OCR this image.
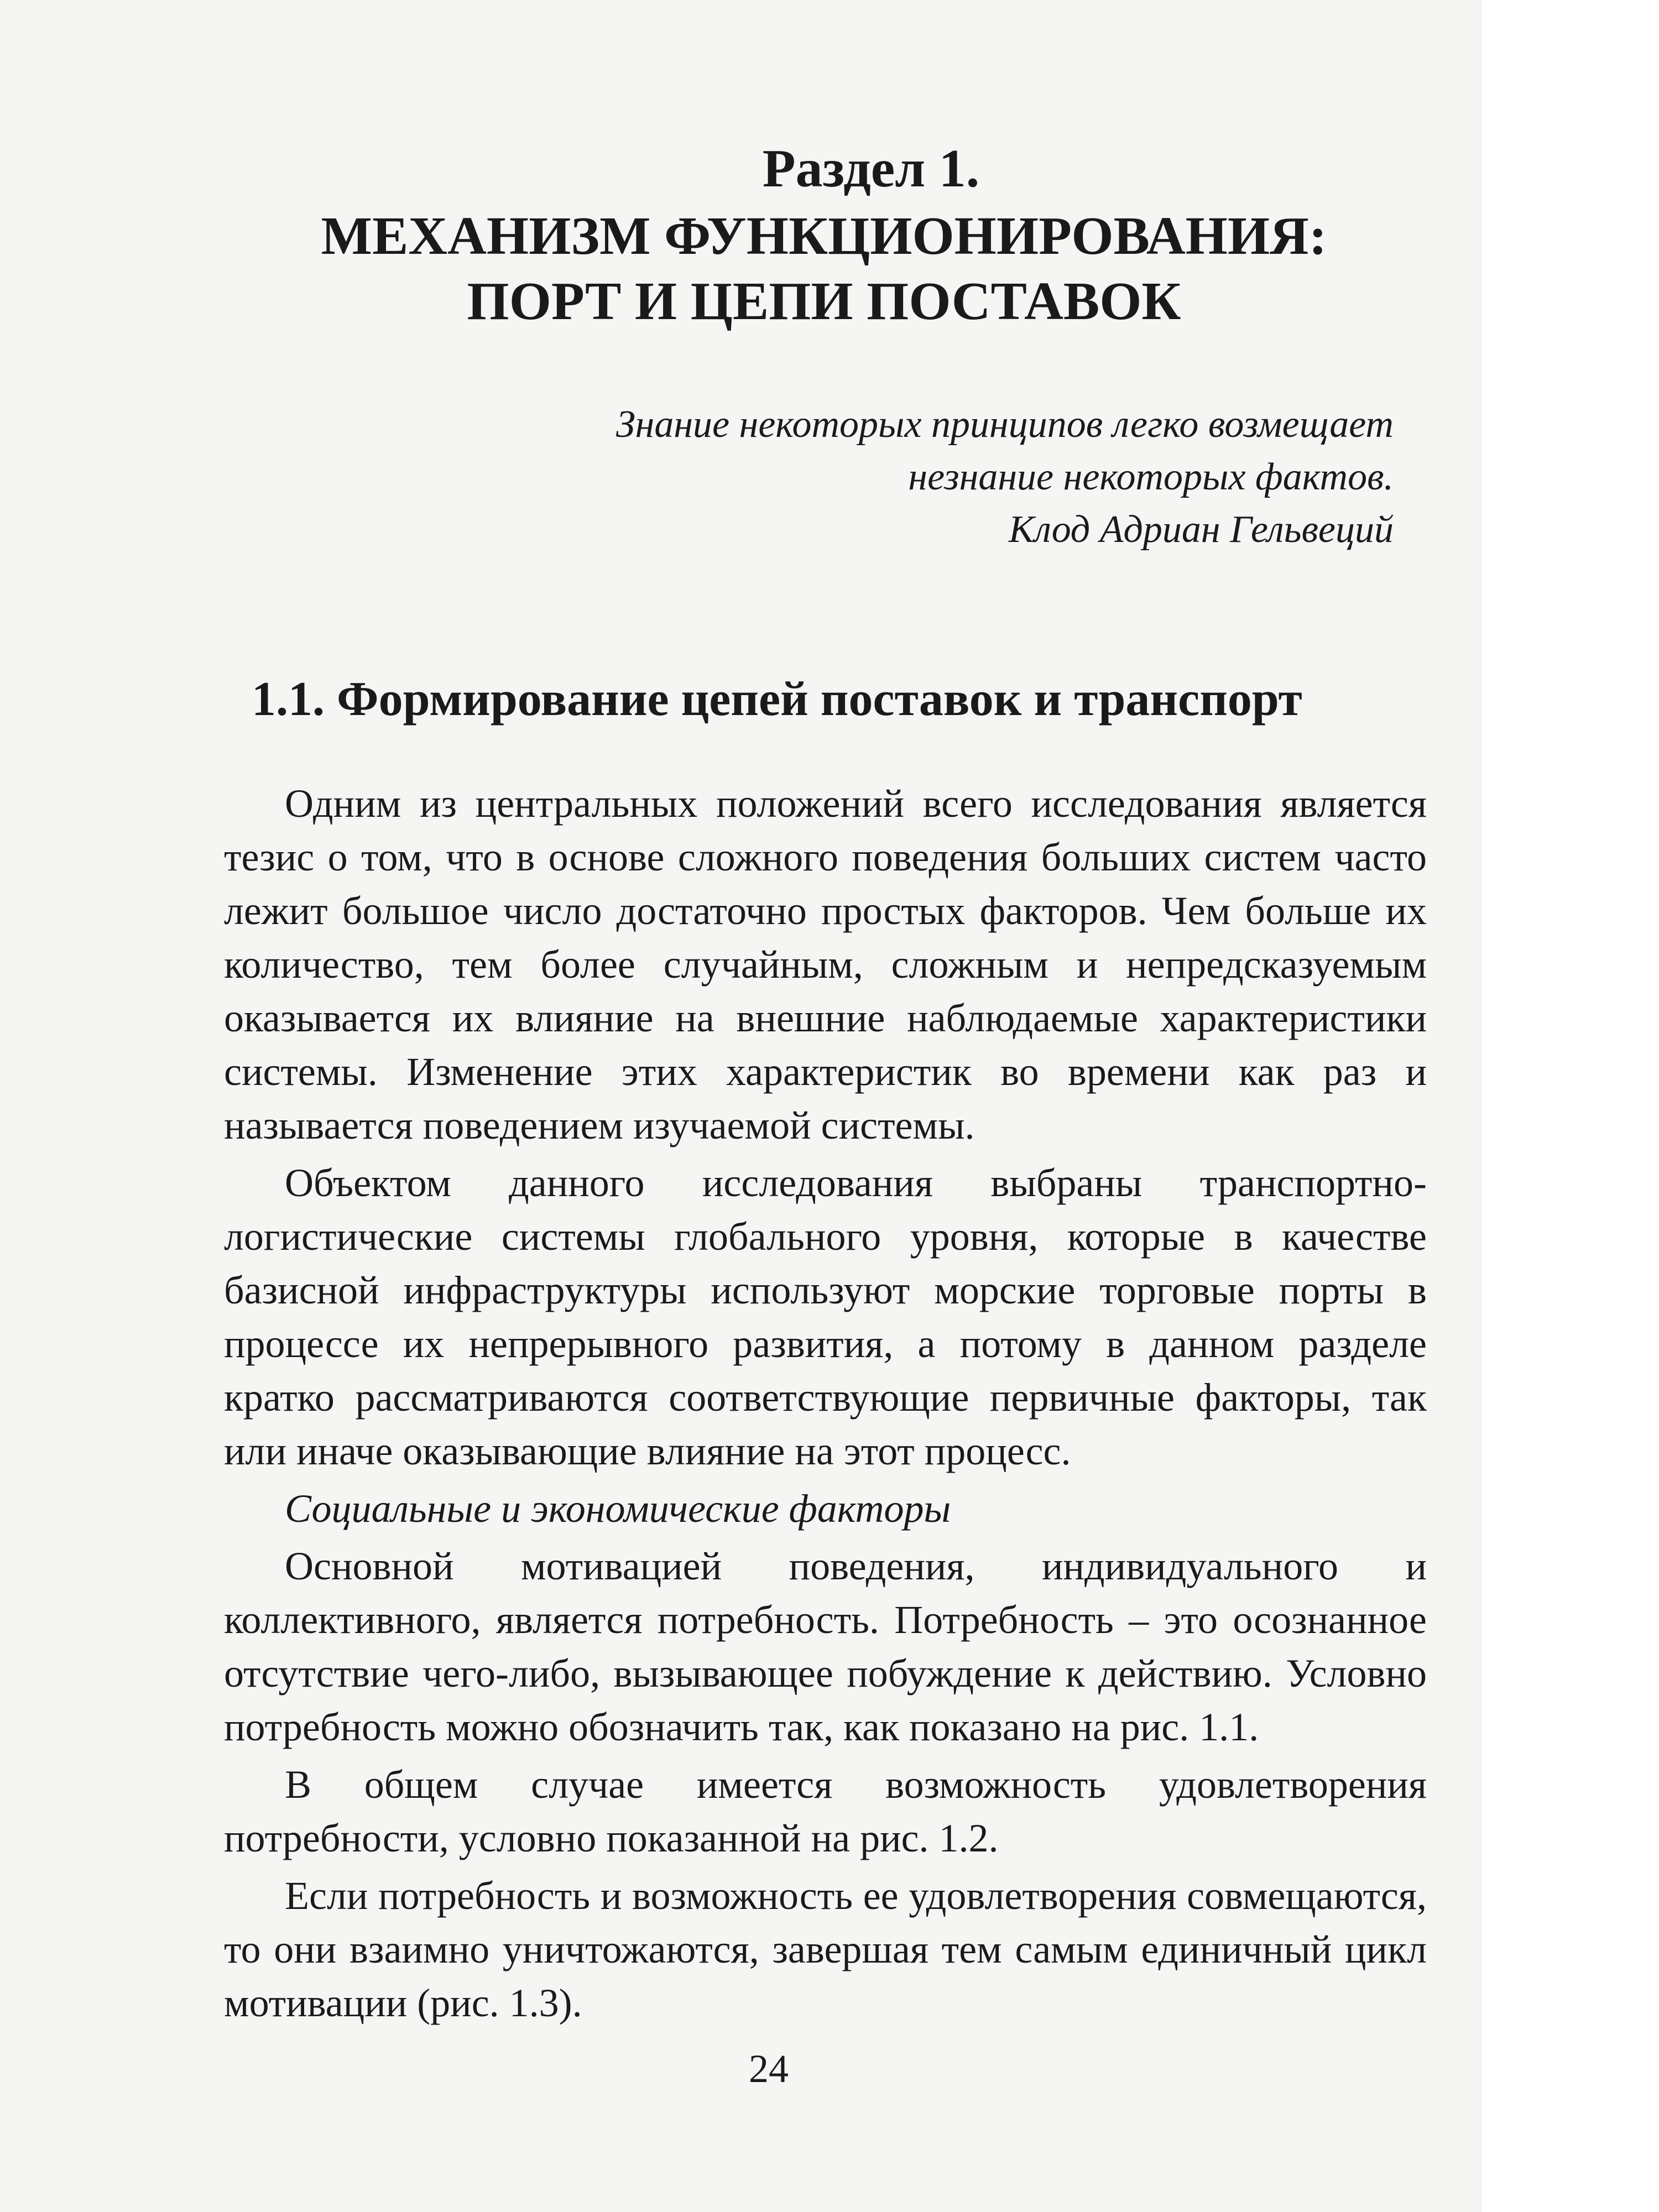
Раздел 1.
МЕХАНИЗМ ФУНКЦИОНИРОВАНИЯ:
ПОРТ И ЦЕПИ ПОСТАВОК
Знание некоторых принципов легко возмещает
незнание некоторых фактов.
Клод Адриан Гельвеций
1.1. Формирование цепей поставок и транспорт

Одним из центральных положений всего исследования является тезис о том, что в основе сложного поведения больших систем часто лежит большое число достаточно простых факторов. Чем больше их количество, тем более случайным, сложным и непредсказуемым оказывается их влияние на внешние наблюдаемые характеристики системы. Изменение этих характеристик во времени как раз и называется поведением изучаемой системы.

Объектом данного исследования выбраны транспортно-логистические системы глобального уровня, которые в качестве базисной инфраструктуры используют морские торговые порты в процессе их непрерывного развития, а потому в данном разделе кратко рассматриваются соответствующие первичные факторы, так или иначе оказывающие влияние на этот процесс.

Социальные и экономические факторы

Основной мотивацией поведения, индивидуального и коллективного, является потребность. Потребность – это осознанное отсутствие чего-либо, вызывающее побуждение к действию. Условно потребность можно обозначить так, как показано на рис. 1.1.

В общем случае имеется возможность удовлетворения потребности, условно показанной на рис. 1.2.

Если потребность и возможность ее удовлетворения совмещаются, то они взаимно уничтожаются, завершая тем самым единичный цикл мотивации (рис. 1.3).

24
